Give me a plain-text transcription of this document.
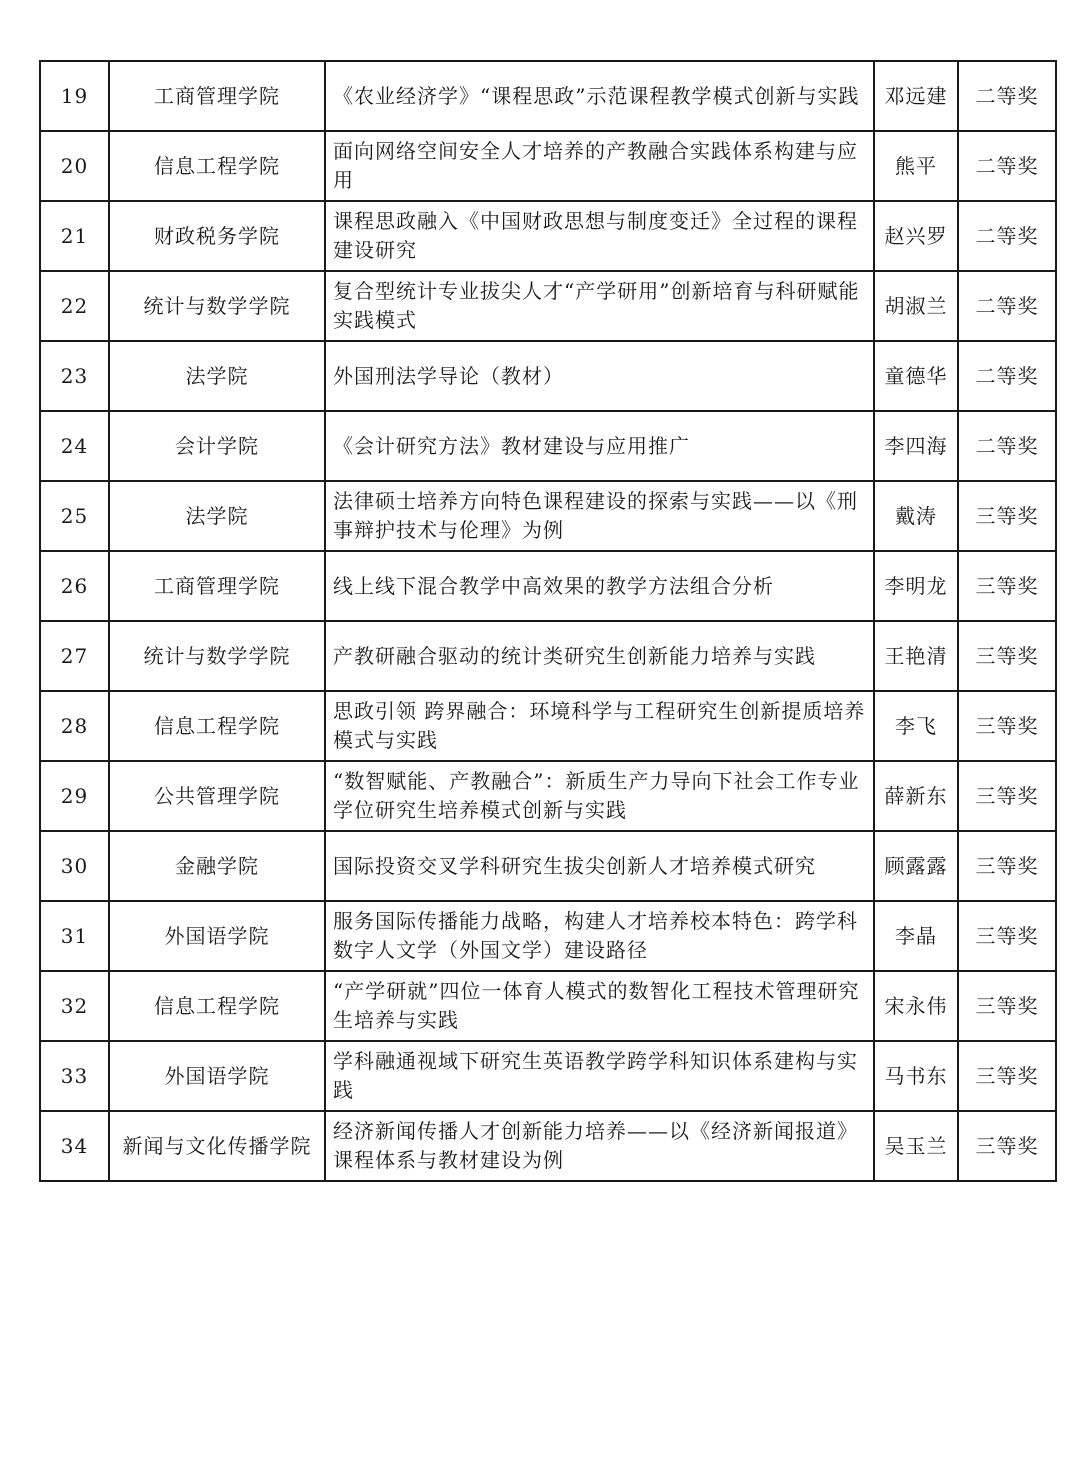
19	工商管理学院	《农业经济学》“课程思政”示范课程教学模式创新与实践	邓远建	二等奖
20	信息工程学院	面向网络空间安全人才培养的产教融合实践体系构建与应用	熊平	二等奖
21	财政税务学院	课程思政融入《中国财政思想与制度变迁》全过程的课程建设研究	赵兴罗	二等奖
22	统计与数学学院	复合型统计专业拔尖人才“产学研用”创新培育与科研赋能实践模式	胡淑兰	二等奖
23	法学院	外国刑法学导论（教材）	童德华	二等奖
24	会计学院	《会计研究方法》教材建设与应用推广	李四海	二等奖
25	法学院	法律硕士培养方向特色课程建设的探索与实践——以《刑事辩护技术与伦理》为例	戴涛	三等奖
26	工商管理学院	线上线下混合教学中高效果的教学方法组合分析	李明龙	三等奖
27	统计与数学学院	产教研融合驱动的统计类研究生创新能力培养与实践	王艳清	三等奖
28	信息工程学院	思政引领 跨界融合：环境科学与工程研究生创新提质培养模式与实践	李飞	三等奖
29	公共管理学院	“数智赋能、产教融合”：新质生产力导向下社会工作专业学位研究生培养模式创新与实践	薛新东	三等奖
30	金融学院	国际投资交叉学科研究生拔尖创新人才培养模式研究	顾露露	三等奖
31	外国语学院	服务国际传播能力战略，构建人才培养校本特色：跨学科数字人文学（外国文学）建设路径	李晶	三等奖
32	信息工程学院	“产学研就”四位一体育人模式的数智化工程技术管理研究生培养与实践	宋永伟	三等奖
33	外国语学院	学科融通视域下研究生英语教学跨学科知识体系建构与实践	马书东	三等奖
34	新闻与文化传播学院	经济新闻传播人才创新能力培养——以《经济新闻报道》课程体系与教材建设为例	吴玉兰	三等奖
